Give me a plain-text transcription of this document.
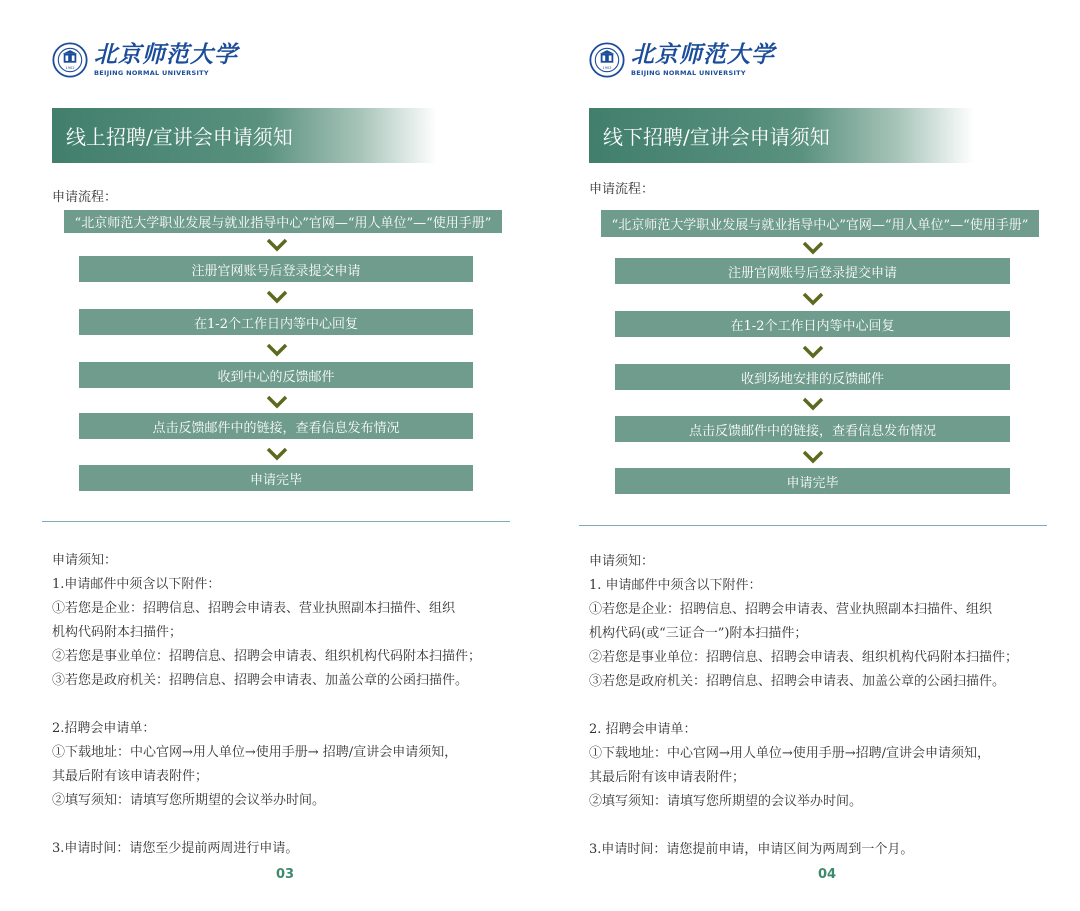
1902 北京师范大学
BEIJING NORMAL UNIVERSITY
线上招聘/宣讲会申请须知
申请流程：
“北京师范大学职业发展与就业指导中心”官网—“用人单位”—“使用手册”
注册官网账号后登录提交申请
在1-2个工作日内等中心回复
收到中心的反馈邮件
点击反馈邮件中的链接，查看信息发布情况
申请完毕

申请须知：

1.申请邮件中须含以下附件：

①若您是企业：招聘信息、招聘会申请表、营业执照副本扫描件、组织

机构代码附本扫描件；

②若您是事业单位：招聘信息、招聘会申请表、组织机构代码附本扫描件；

③若您是政府机关：招聘信息、招聘会申请表、加盖公章的公函扫描件。

2.招聘会申请单：

①下载地址：中心官网→用人单位→使用手册→ 招聘/宣讲会申请须知，

其最后附有该申请表附件；

②填写须知：请填写您所期望的会议举办时间。

3.申请时间：请您至少提前两周进行申请。

03
1902 北京师范大学
BEIJING NORMAL UNIVERSITY
线下招聘/宣讲会申请须知
申请流程：
“北京师范大学职业发展与就业指导中心”官网—“用人单位”—“使用手册”
注册官网账号后登录提交申请
在1-2个工作日内等中心回复
收到场地安排的反馈邮件
点击反馈邮件中的链接，查看信息发布情况
申请完毕

申请须知：

1. 申请邮件中须含以下附件：

①若您是企业：招聘信息、招聘会申请表、营业执照副本扫描件、组织

机构代码(或“三证合一”)附本扫描件；

②若您是事业单位：招聘信息、招聘会申请表、组织机构代码附本扫描件；

③若您是政府机关：招聘信息、招聘会申请表、加盖公章的公函扫描件。

2. 招聘会申请单：

①下载地址：中心官网→用人单位→使用手册→招聘/宣讲会申请须知，

其最后附有该申请表附件；

②填写须知：请填写您所期望的会议举办时间。

3.申请时间：请您提前申请，申请区间为两周到一个月。

04
